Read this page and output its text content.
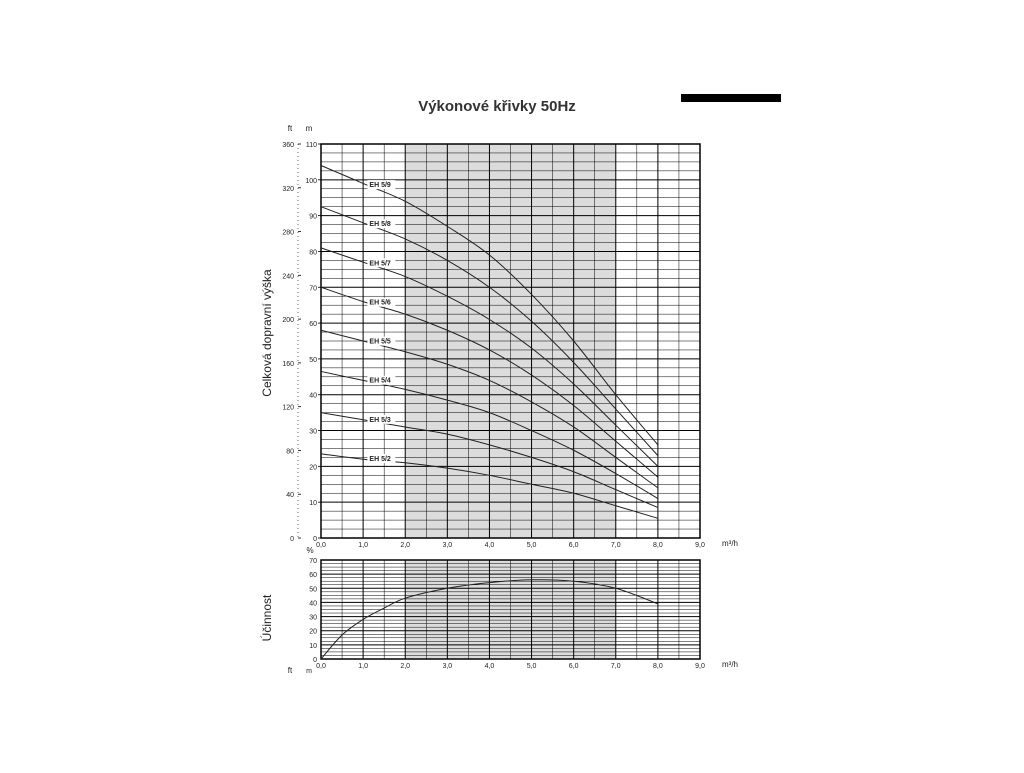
Výkonové křivky 50Hz
0,0	1,0	2,0	3,0	4,0	5,0	6,0	7,0	8,0	9,0 m³/h
0
10
20
30
40
50
60
70
80
90
100
110
EH 5/9
EH 5/8
EH 5/7
EH 5/6
EH 5/5
EH 5/4
EH 5/3
EH 5/2
0
40
80
120
160
200
240
280
320
360
ft m
Celková dopravní výška
0,0	1,0	2,0	3,0	4,0	5,0	6,0	7,0	8,0	9,0 m³/h
0
10
20
30
40
50
60
70
%
Účinnost
ft m
